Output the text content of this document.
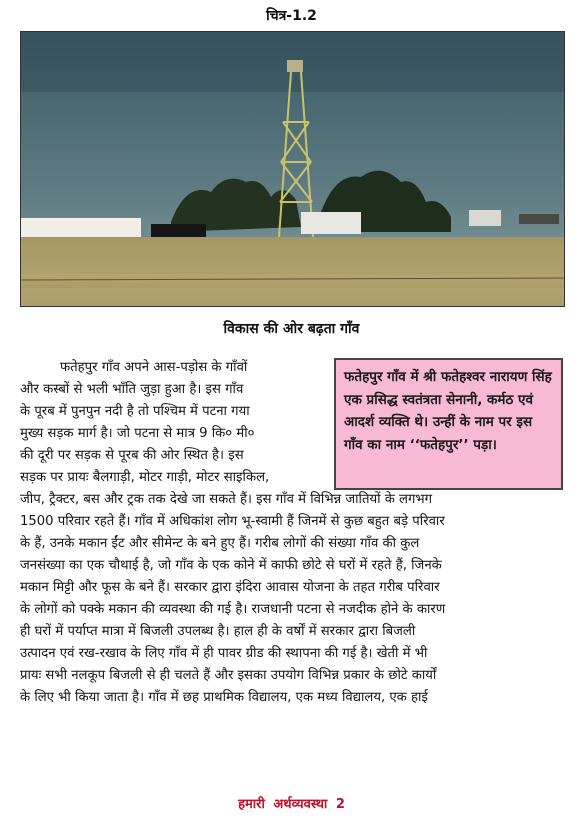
चित्र-1.2
विकास की ओर बढ़ता गाँव
फतेहपुर गाँव में श्री फतेहश्वर नारायण सिंह एक प्रसिद्ध स्वतंत्रता सेनानी, कर्मठ एवं आदर्श व्यक्ति थे। उन्हीं के नाम पर इस गाँव का नाम ‘‘फतेहपुर’’ पड़ा।
फतेहपुर गाँव अपने आस-पड़ोस के गाँवों
और कस्बों से भली भाँति जुड़ा हुआ है। इस गाँव
के पूरब में पुनपुन नदी है तो पश्चिम में पटना गया
मुख्य सड़क मार्ग है। जो पटना से मात्र 9 कि० मी०
की दूरी पर सड़क से पूरब की ओर स्थित है। इस
सड़क पर प्रायः बैलगाड़ी, मोटर गाड़ी, मोटर साइकिल,
जीप, ट्रैक्टर, बस और ट्रक तक देखे जा सकते हैं। इस गाँव में विभिन्न जातियों के लगभग
1500 परिवार रहते हैं। गाँव में अधिकांश लोग भू-स्वामी हैं जिनमें से कुछ बहुत बड़े परिवार
के हैं, उनके मकान ईंट और सीमेन्ट के बने हुए हैं। गरीब लोगों की संख्या गाँव की कुल
जनसंख्या का एक चौथाई है, जो गाँव के एक कोने में काफी छोटे से घरों में रहते हैं, जिनके
मकान मिट्टी और फूस के बने हैं। सरकार द्वारा इंदिरा आवास योजना के तहत गरीब परिवार
के लोगों को पक्के मकान की व्यवस्था की गई है। राजधानी पटना से नजदीक होने के कारण
ही घरों में पर्याप्त मात्रा में बिजली उपलब्ध है। हाल ही के वर्षों में सरकार द्वारा बिजली
उत्पादन एवं रख-रखाव के लिए गाँव में ही पावर ग्रीड की स्थापना की गई है। खेती में भी
प्रायः सभी नलकूप बिजली से ही चलते हैं और इसका उपयोग विभिन्न प्रकार के छोटे कार्यों
के लिए भी किया जाता है। गाँव में छह प्राथमिक विद्यालय, एक मध्य विद्यालय, एक हाई
हमारी अर्थव्यवस्था 2
